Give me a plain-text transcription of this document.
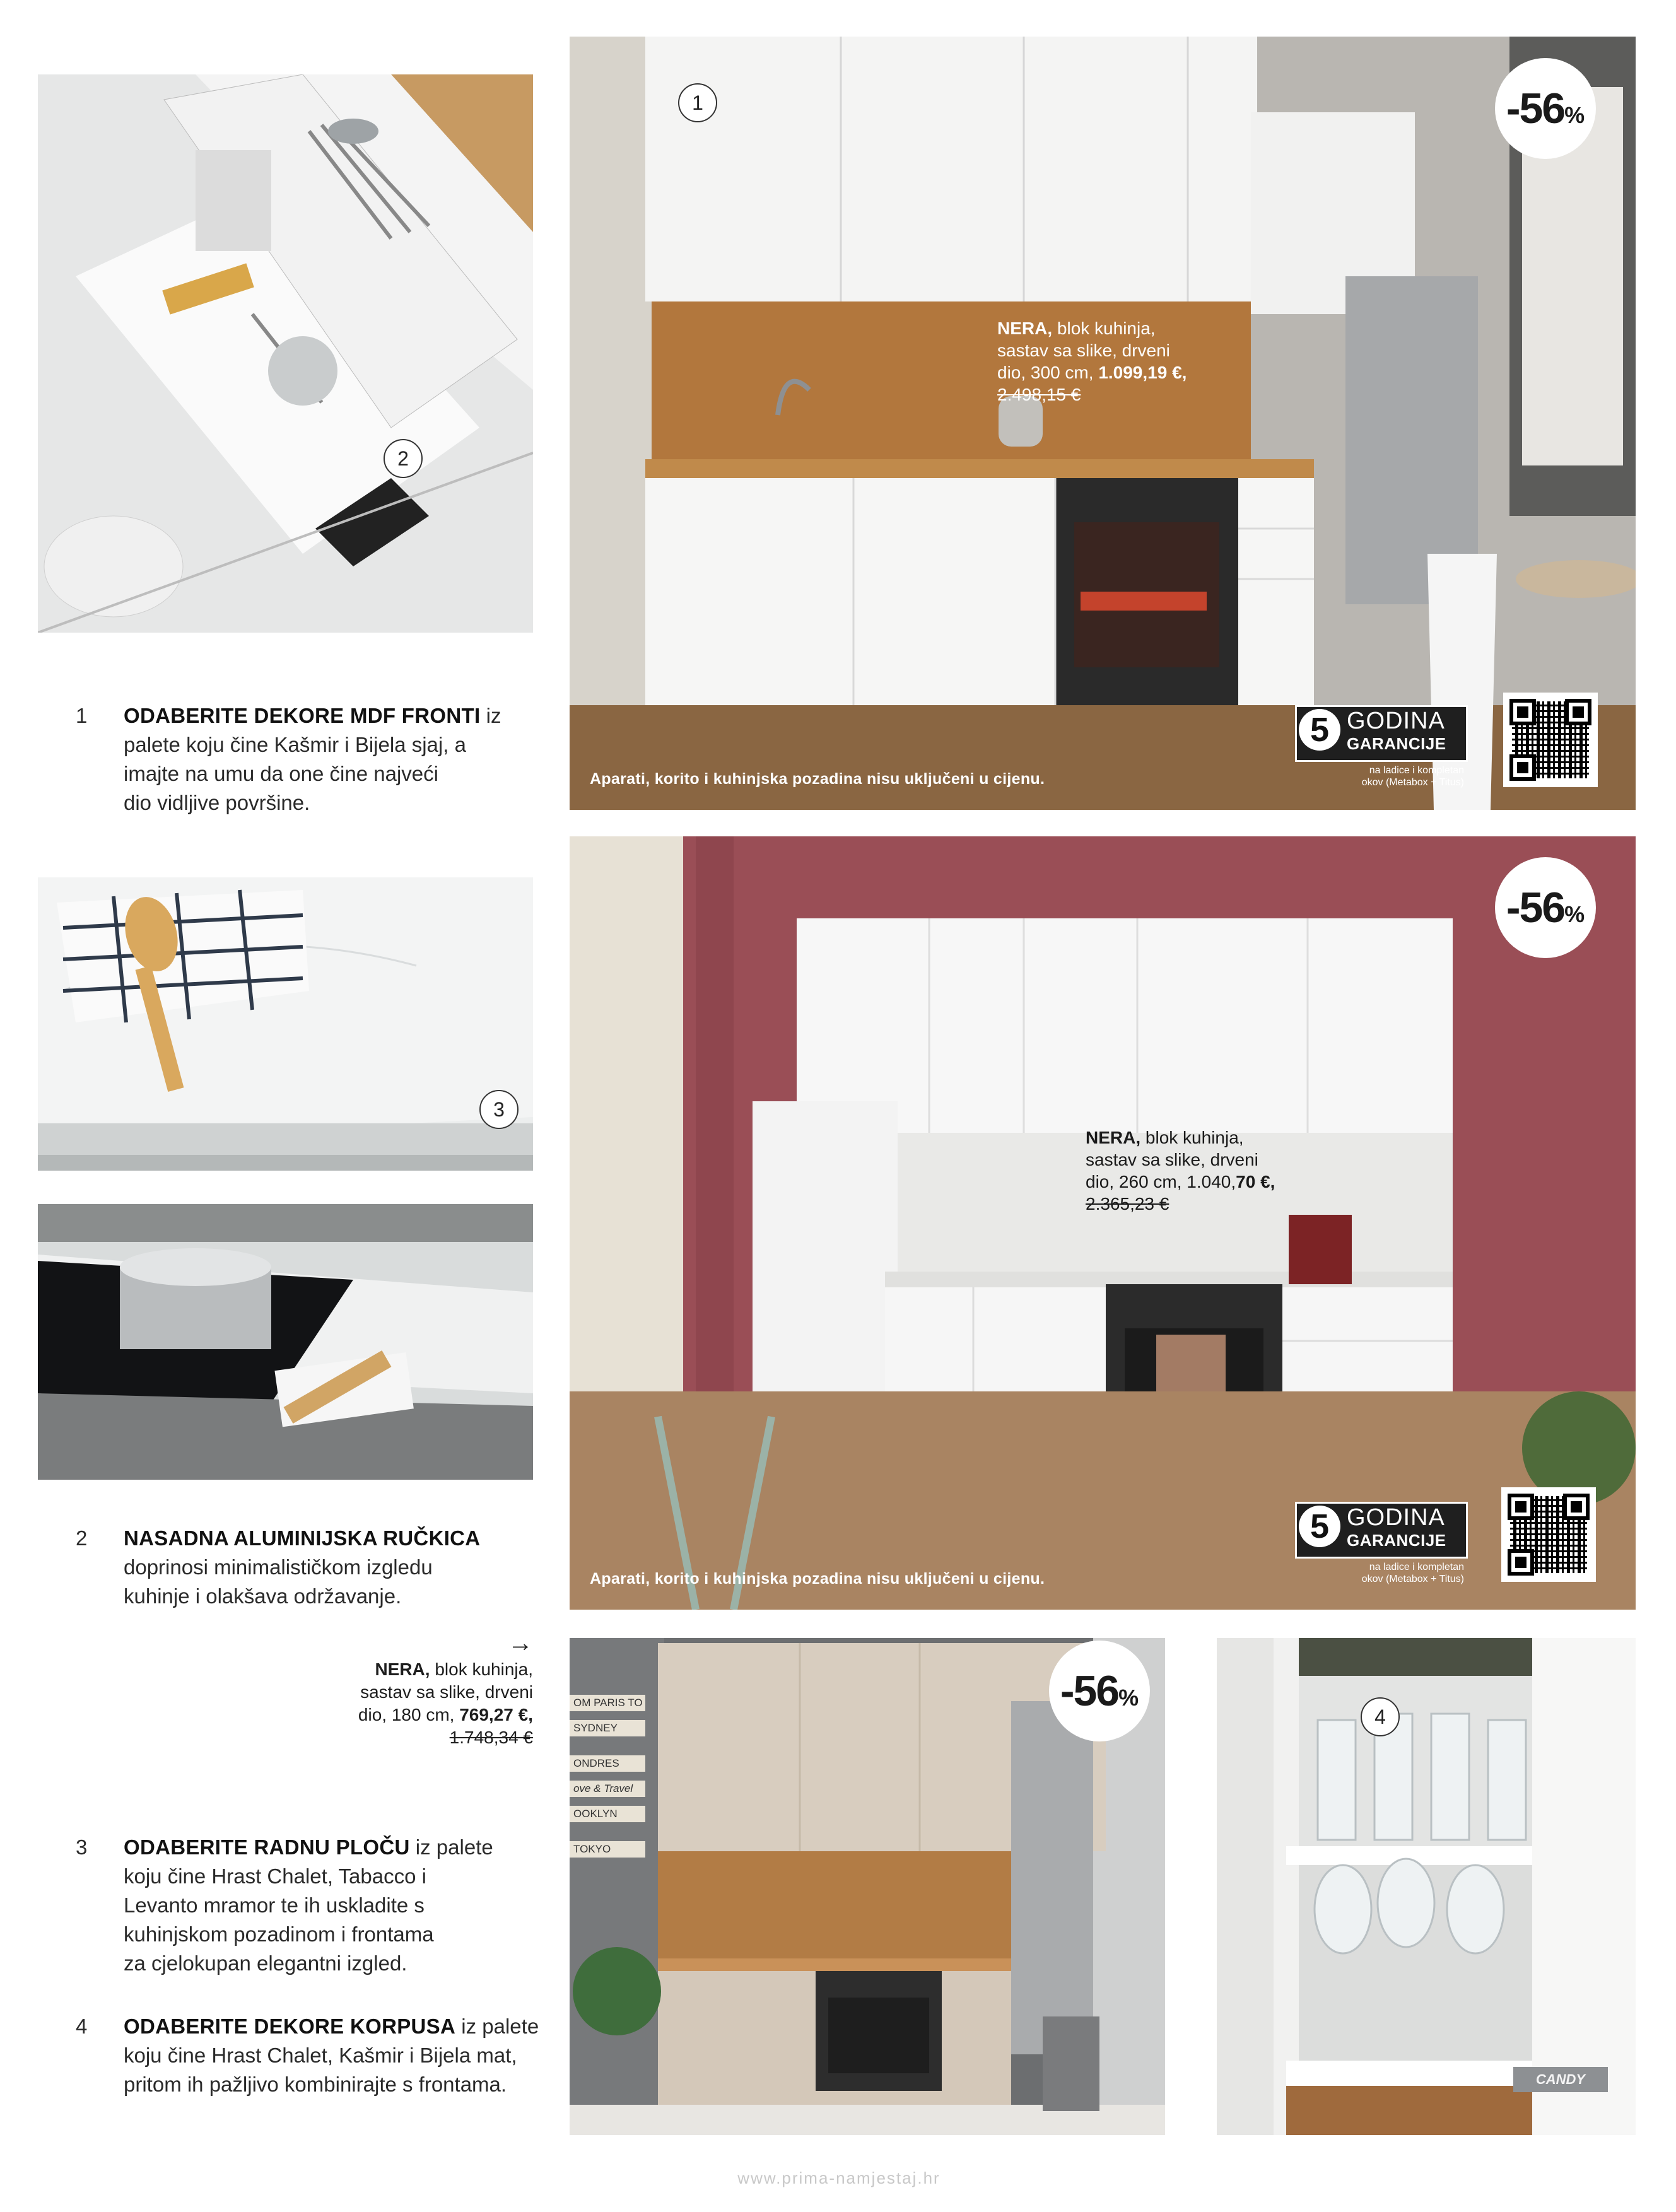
2
1	-56%
NERA, blok kuhinja,
sastav sa slike, drveni
dio, 300 cm, 1.099,19 €,
2.498,15 €
Aparati, korito i kuhinjska pozadina nisu uključeni u cijenu.
5 GODINA
GARANCIJE
na ladice i kompletan
okov (Metabox + Titus)
3
-56%
NERA, blok kuhinja,
sastav sa slike, drveni
dio, 260 cm, 1.040,70 €,
2.365,23 €
Aparati, korito i kuhinjska pozadina nisu uključeni u cijenu.
5 GODINA
GARANCIJE
na ladice i kompletan
okov (Metabox + Titus)
OM PARIS TO
SYDNEY
ONDRES
ove & Travel
OOKLYN
TOKYO
-56%
4
CANDY
1	ODABERITE DEKORE MDF FRONTI iz
palete koju čine Kašmir i Bijela sjaj, a
imajte na umu da one čine najveći
dio vidljive površine.
2	NASADNA ALUMINIJSKA RUČKICA
doprinosi minimalističkom izgledu
kuhinje i olakšava održavanje.
→
NERA, blok kuhinja,
sastav sa slike, drveni
dio, 180 cm, 769,27 €,
1.748,34 €
3	ODABERITE RADNU PLOČU iz palete
koju čine Hrast Chalet, Tabacco i
Levanto mramor te ih uskladite s
kuhinjskom pozadinom i frontama
za cjelokupan elegantni izgled.
4	ODABERITE DEKORE KORPUSA iz palete
koju čine Hrast Chalet, Kašmir i Bijela mat,
pritom ih pažljivo kombinirajte s frontama.
www.prima-namjestaj.hr
